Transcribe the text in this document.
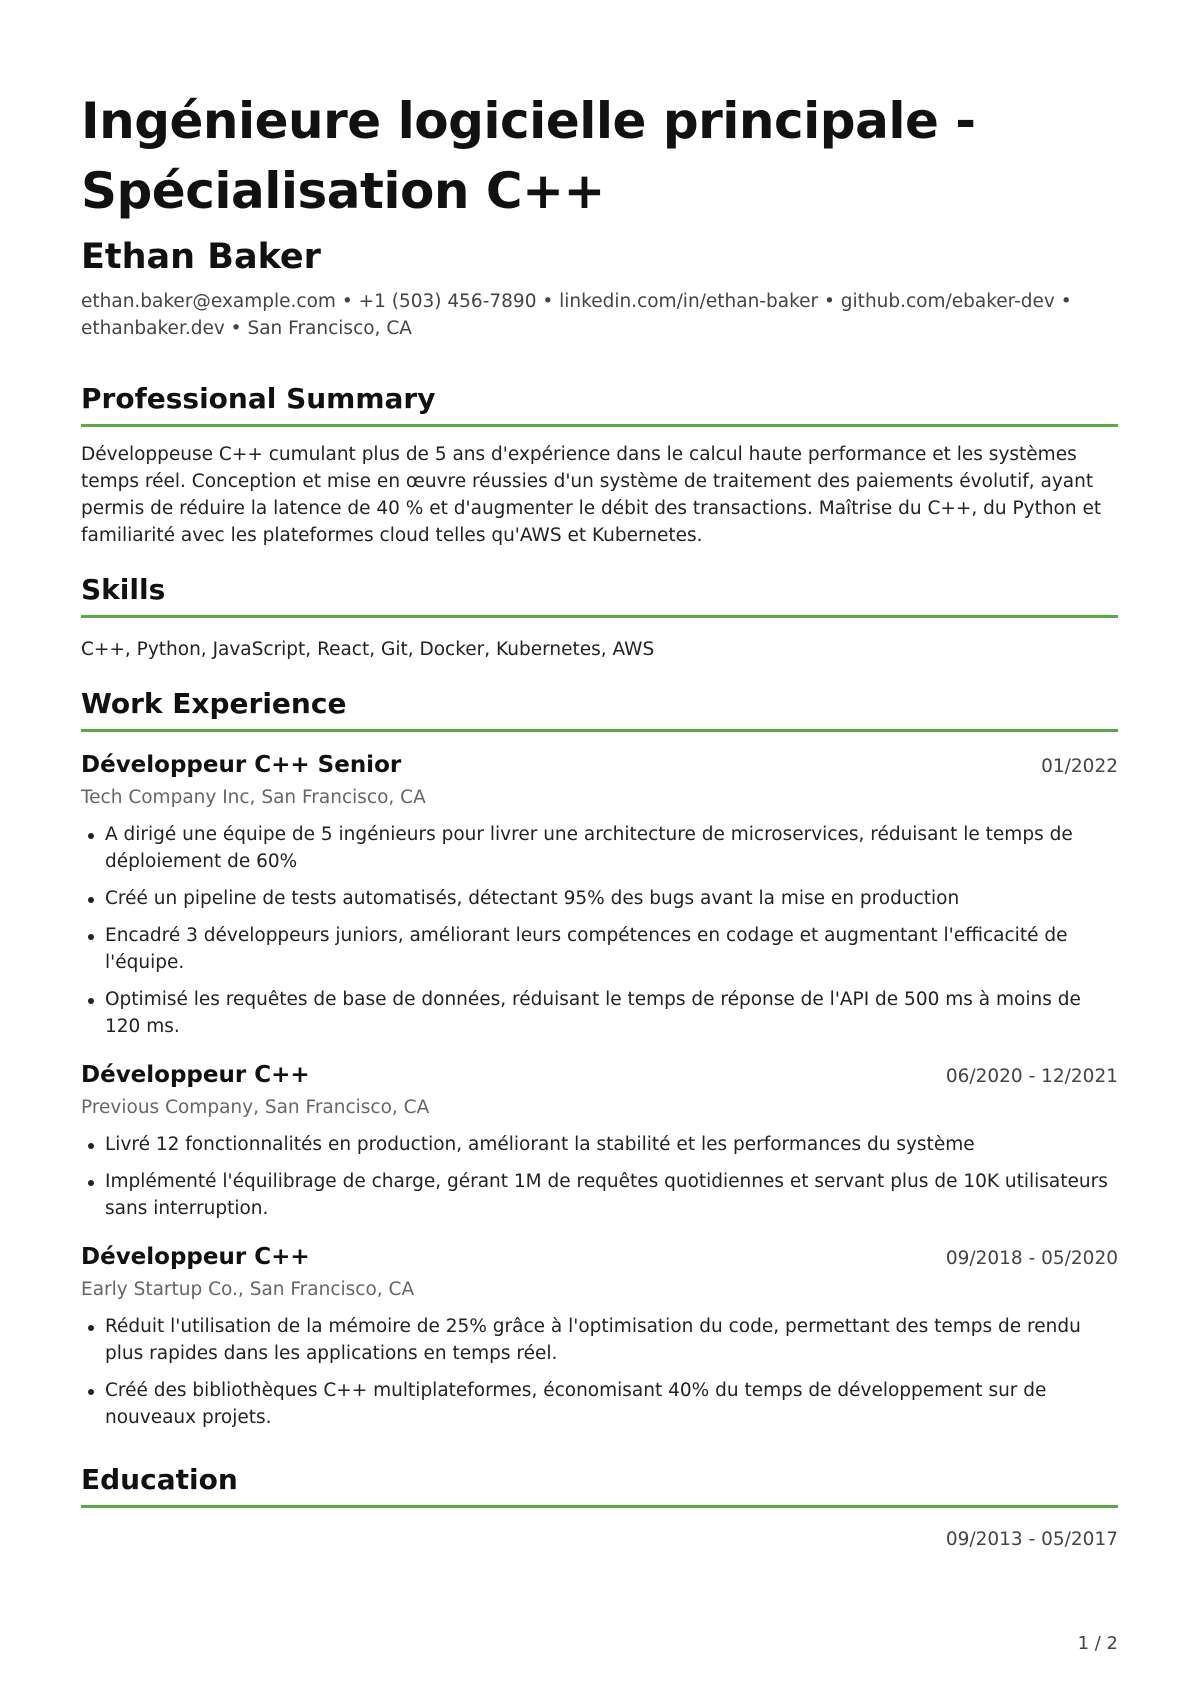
Ingénieure logicielle principale -
Spécialisation C++
Ethan Baker
ethan.baker@example.com • +1 (503) 456-7890 • linkedin.com/in/ethan-baker • github.com/ebaker-dev •
ethanbaker.dev • San Francisco, CA
Professional Summary

Développeuse C++ cumulant plus de 5 ans d'expérience dans le calcul haute performance et les systèmes temps réel. Conception et mise en œuvre réussies d'un système de traitement des paiements évolutif, ayant permis de réduire la latence de 40 % et d'augmenter le débit des transactions. Maîtrise du C++, du Python et familiarité avec les plateformes cloud telles qu'AWS et Kubernetes.

Skills
C++, Python, JavaScript, React, Git, Docker, Kubernetes, AWS
Work Experience
Développeur C++ Senior	01/2022
Tech Company Inc, San Francisco, CA
A dirigé une équipe de 5 ingénieurs pour livrer une architecture de microservices, réduisant le temps de déploiement de 60%
Créé un pipeline de tests automatisés, détectant 95% des bugs avant la mise en production
Encadré 3 développeurs juniors, améliorant leurs compétences en codage et augmentant l'efficacité de l'équipe.
Optimisé les requêtes de base de données, réduisant le temps de réponse de l'API de 500 ms à moins de 120 ms.
Développeur C++	06/2020 - 12/2021
Previous Company, San Francisco, CA
Livré 12 fonctionnalités en production, améliorant la stabilité et les performances du système
Implémenté l'équilibrage de charge, gérant 1M de requêtes quotidiennes et servant plus de 10K utilisateurs sans interruption.
Développeur C++	09/2018 - 05/2020
Early Startup Co., San Francisco, CA
Réduit l'utilisation de la mémoire de 25% grâce à l'optimisation du code, permettant des temps de rendu plus rapides dans les applications en temps réel.
Créé des bibliothèques C++ multiplateformes, économisant 40% du temps de développement sur de nouveaux projets.
Education
09/2013 - 05/2017
1 / 2
